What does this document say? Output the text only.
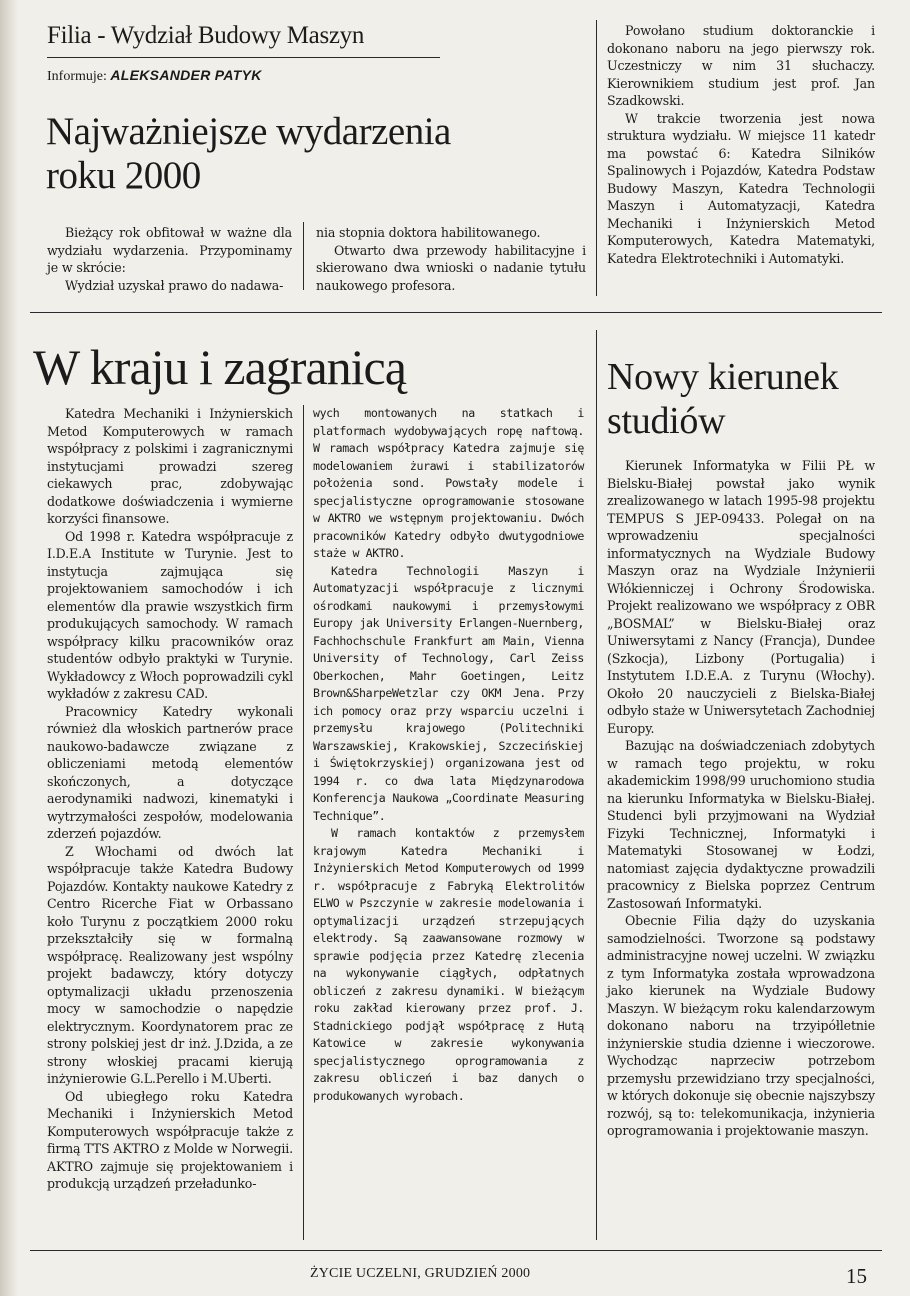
Filia - Wydział Budowy Maszyn
Informuje: ALEKSANDER PATYK
Najważniejsze wydarzenia roku 2000

Bieżący rok obfitował w ważne dla wydziału wydarzenia. Przypominamy je w skrócie:

Wydział uzyskał prawo do nadawa-

nia stopnia doktora habilitowanego.

Otwarto dwa przewody habilitacyjne i skierowano dwa wnioski o nadanie tytułu naukowego profesora.

Powołano studium doktoranckie i dokonano naboru na jego pierwszy rok. Uczestniczy w nim 31 słuchaczy. Kierownikiem studium jest prof. Jan Szadkowski.

W trakcie tworzenia jest nowa struktura wydziału. W miejsce 11 katedr ma powstać 6: Katedra Silników Spalinowych i Pojazdów, Katedra Podstaw Budowy Maszyn, Katedra Technologii Maszyn i Automatyzacji, Katedra Mechaniki i Inżynierskich Metod Komputerowych, Katedra Matematyki, Katedra Elektrotechniki i Automatyki.

W kraju i zagranicą

Katedra Mechaniki i Inżynierskich Metod Komputerowych w ramach współpracy z polskimi i zagranicznymi instytucjami prowadzi szereg ciekawych prac, zdobywając dodatkowe doświadczenia i wymierne korzyści finansowe.

Od 1998 r. Katedra współpracuje z I.D.E.A Institute w Turynie. Jest to instytucja zajmująca się projektowaniem samochodów i ich elementów dla prawie wszystkich firm produkujących samochody. W ramach współpracy kilku pracowników oraz studentów odbyło praktyki w Turynie. Wykładowcy z Włoch poprowadzili cykl wykładów z zakresu CAD.

Pracownicy Katedry wykonali również dla włoskich partnerów prace naukowo-badawcze związane z obliczeniami metodą elementów skończonych, a dotyczące aerodynamiki nadwozi, kinematyki i wytrzymałości zespołów, modelowania zderzeń pojazdów.

Z Włochami od dwóch lat współpracuje także Katedra Budowy Pojazdów. Kontakty naukowe Katedry z Centro Ricerche Fiat w Orbassano koło Turynu z początkiem 2000 roku przekształciły się w formalną współpracę. Realizowany jest wspólny projekt badawczy, który dotyczy optymalizacji układu przenoszenia mocy w samochodzie o napędzie elektrycznym. Koordynatorem prac ze strony polskiej jest dr inż. J.Dzida, a ze strony włoskiej pracami kierują inżynierowie G.L.Perello i M.Uberti.

Od ubiegłego roku Katedra Mechaniki i Inżynierskich Metod Komputerowych współpracuje także z firmą TTS AKTRO z Molde w Norwegii. AKTRO zajmuje się projektowaniem i produkcją urządzeń przeładunko-

wych montowanych na statkach i platformach wydobywających ropę naftową. W ramach współpracy Katedra zajmuje się modelowaniem żurawi i stabilizatorów położenia sond. Powstały modele i specjalistyczne oprogramowanie stosowane w AKTRO we wstępnym projektowaniu. Dwóch pracowników Katedry odbyło dwutygodniowe staże w AKTRO.

Katedra Technologii Maszyn i Automatyzacji współpracuje z licznymi ośrodkami naukowymi i przemysłowymi Europy jak University Erlangen-Nuernberg, Fachhochschule Frankfurt am Main, Vienna University of Technology, Carl Zeiss Oberkochen, Mahr Goetingen, Leitz Brown&SharpeWetzlar czy OKM Jena. Przy ich pomocy oraz przy wsparciu uczelni i przemysłu krajowego (Politechniki Warszawskiej, Krakowskiej, Szczecińskiej i Świętokrzyskiej) organizowana jest od 1994 r. co dwa lata Międzynarodowa Konferencja Naukowa „Coordinate Measuring Technique”.

W ramach kontaktów z przemysłem krajowym Katedra Mechaniki i Inżynierskich Metod Komputerowych od 1999 r. współpracuje z Fabryką Elektrolitów ELWO w Pszczynie w zakresie modelowania i optymalizacji urządzeń strzepujących elektrody. Są zaawansowane rozmowy w sprawie podjęcia przez Katedrę zlecenia na wykonywanie ciągłych, odpłatnych obliczeń z zakresu dynamiki. W bieżącym roku zakład kierowany przez prof. J. Stadnickiego podjął współpracę z Hutą Katowice w zakresie wykonywania specjalistycznego oprogramowania z zakresu obliczeń i baz danych o produkowanych wyrobach.

Nowy kierunek studiów

Kierunek Informatyka w Filii PŁ w Bielsku-Białej powstał jako wynik zrealizowanego w latach 1995-98 projektu TEMPUS S JEP-09433. Polegał on na wprowadzeniu specjalności informatycznych na Wydziale Budowy Maszyn oraz na Wydziale Inżynierii Włókienniczej i Ochrony Środowiska. Projekt realizowano we współpracy z OBR „BOSMAL” w Bielsku-Białej oraz Uniwersytami z Nancy (Francja), Dundee (Szkocja), Lizbony (Portugalia) i Instytutem I.D.E.A. z Turynu (Włochy). Około 20 nauczycieli z Bielska-Białej odbyło staże w Uniwersytetach Zachodniej Europy.

Bazując na doświadczeniach zdobytych w ramach tego projektu, w roku akademickim 1998/99 uruchomiono studia na kierunku Informatyka w Bielsku-Białej. Studenci byli przyjmowani na Wydział Fizyki Technicznej, Informatyki i Matematyki Stosowanej w Łodzi, natomiast zajęcia dydaktyczne prowadzili pracownicy z Bielska poprzez Centrum Zastosowań Informatyki.

Obecnie Filia dąży do uzyskania samodzielności. Tworzone są podstawy administracyjne nowej uczelni. W związku z tym Informatyka została wprowadzona jako kierunek na Wydziale Budowy Maszyn. W bieżącym roku kalendarzowym dokonano naboru na trzyipółletnie inżynierskie studia dzienne i wieczorowe. Wychodząc naprzeciw potrzebom przemysłu przewidziano trzy specjalności, w których dokonuje się obecnie najszybszy rozwój, są to: telekomunikacja, inżynieria oprogramowania i projektowanie maszyn.

ŻYCIE UCZELNI, GRUDZIEŃ 2000	15
